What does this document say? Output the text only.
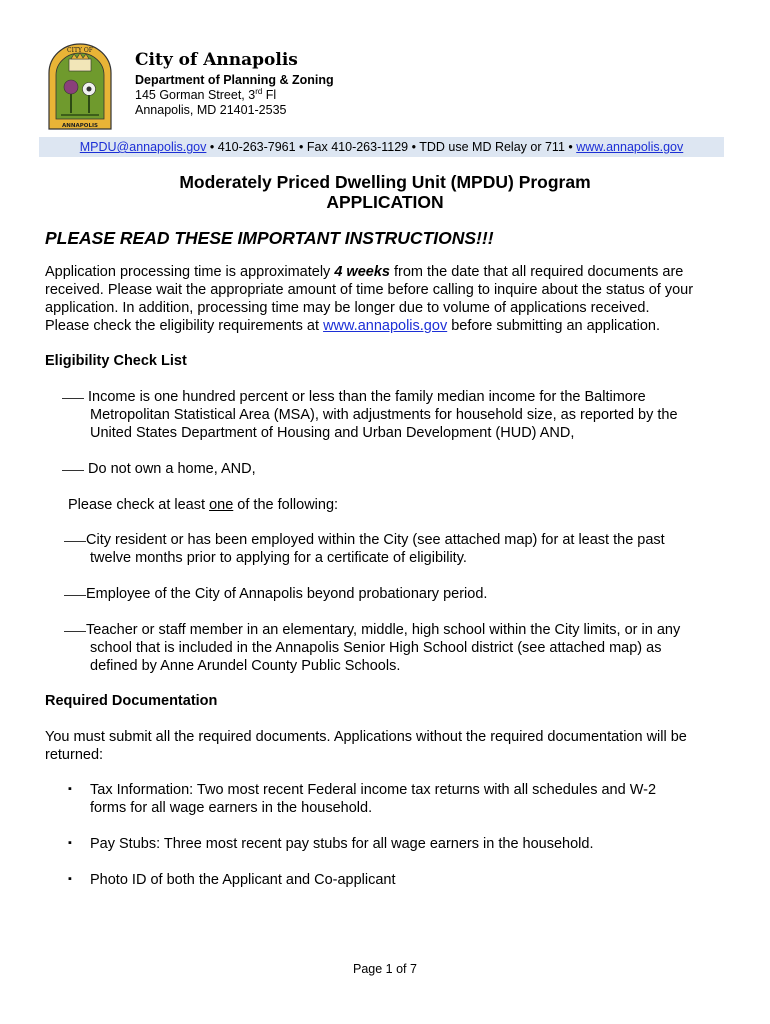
CITY OF
ANNAPOLIS
City of Annapolis
Department of Planning & Zoning
145 Gorman Street, 3rd Fl
Annapolis, MD 21401-2535
MPDU@annapolis.gov • 410-263-7961 • Fax 410-263-1129 • TDD use MD Relay or 711 • www.annapolis.gov
Moderately Priced Dwelling Unit (MPDU) Program
APPLICATION
PLEASE READ THESE IMPORTANT INSTRUCTIONS!!!
Application processing time is approximately 4 weeks from the date that all required documents are
received. Please wait the appropriate amount of time before calling to inquire about the status of your
application. In addition, processing time may be longer due to volume of applications received.
Please check the eligibility requirements at www.annapolis.gov before submitting an application.
Eligibility Check List
Income is one hundred percent or less than the family median income for the Baltimore
Metropolitan Statistical Area (MSA), with adjustments for household size, as reported by the
United States Department of Housing and Urban Development (HUD) AND,
Do not own a home, AND,
Please check at least one of the following:
City resident or has been employed within the City (see attached map) for at least the past
twelve months prior to applying for a certificate of eligibility.
Employee of the City of Annapolis beyond probationary period.
Teacher or staff member in an elementary, middle, high school within the City limits, or in any
school that is included in the Annapolis Senior High School district (see attached map) as
defined by Anne Arundel County Public Schools.
Required Documentation
You must submit all the required documents. Applications without the required documentation will be
returned:
▪ Tax Information: Two most recent Federal income tax returns with all schedules and W-2
forms for all wage earners in the household.
▪ Pay Stubs: Three most recent pay stubs for all wage earners in the household.
▪ Photo ID of both the Applicant and Co-applicant
Page 1 of 7
